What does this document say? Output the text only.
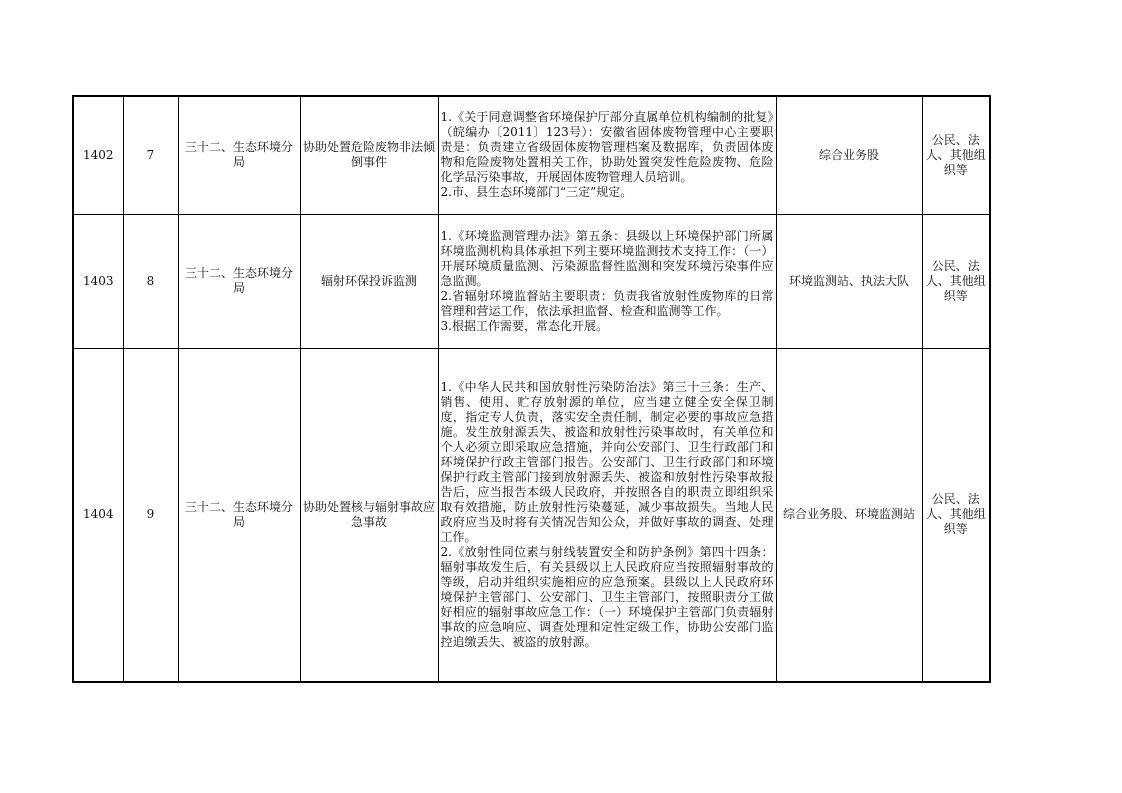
1402	7	三十二、生态环境分局	协助处置危险废物非法倾倒事件	1.《关于同意调整省环境保护厅部分直属单位机构编制的批复》（皖编办〔2011〕123号）：安徽省固体废物管理中心主要职责是：负责建立省级固体废物管理档案及数据库，负责固体废物和危险废物处置相关工作，协助处置突发性危险废物、危险化学品污染事故，开展固体废物管理人员培训。

2.市、县生态环境部门“三定”规定。	综合业务股	公民、法人、其他组织等
1403	8	三十二、生态环境分局	辐射环保投诉监测	1.《环境监测管理办法》第五条：县级以上环境保护部门所属环境监测机构具体承担下列主要环境监测技术支持工作：（一）开展环境质量监测、污染源监督性监测和突发环境污染事件应急监测。

2.省辐射环境监督站主要职责：负责我省放射性废物库的日常管理和营运工作，依法承担监督、检查和监测等工作。

3.根据工作需要，常态化开展。	环境监测站、执法大队	公民、法人、其他组织等
1404	9	三十二、生态环境分局	协助处置核与辐射事故应急事故	1.《中华人民共和国放射性污染防治法》第三十三条：生产、销售、使用、贮存放射源的单位，应当建立健全安全保卫制度，指定专人负责，落实安全责任制，制定必要的事故应急措施。发生放射源丢失、被盗和放射性污染事故时，有关单位和个人必须立即采取应急措施，并向公安部门、卫生行政部门和环境保护行政主管部门报告。公安部门、卫生行政部门和环境保护行政主管部门接到放射源丢失、被盗和放射性污染事故报告后，应当报告本级人民政府，并按照各自的职责立即组织采取有效措施，防止放射性污染蔓延，减少事故损失。当地人民政府应当及时将有关情况告知公众，并做好事故的调查、处理工作。

2.《放射性同位素与射线装置安全和防护条例》第四十四条：辐射事故发生后，有关县级以上人民政府应当按照辐射事故的等级，启动并组织实施相应的应急预案。县级以上人民政府环境保护主管部门、公安部门、卫生主管部门，按照职责分工做好相应的辐射事故应急工作：（一）环境保护主管部门负责辐射事故的应急响应、调查处理和定性定级工作，协助公安部门监控追缴丢失、被盗的放射源。	综合业务股、环境监测站	公民、法人、其他组织等
